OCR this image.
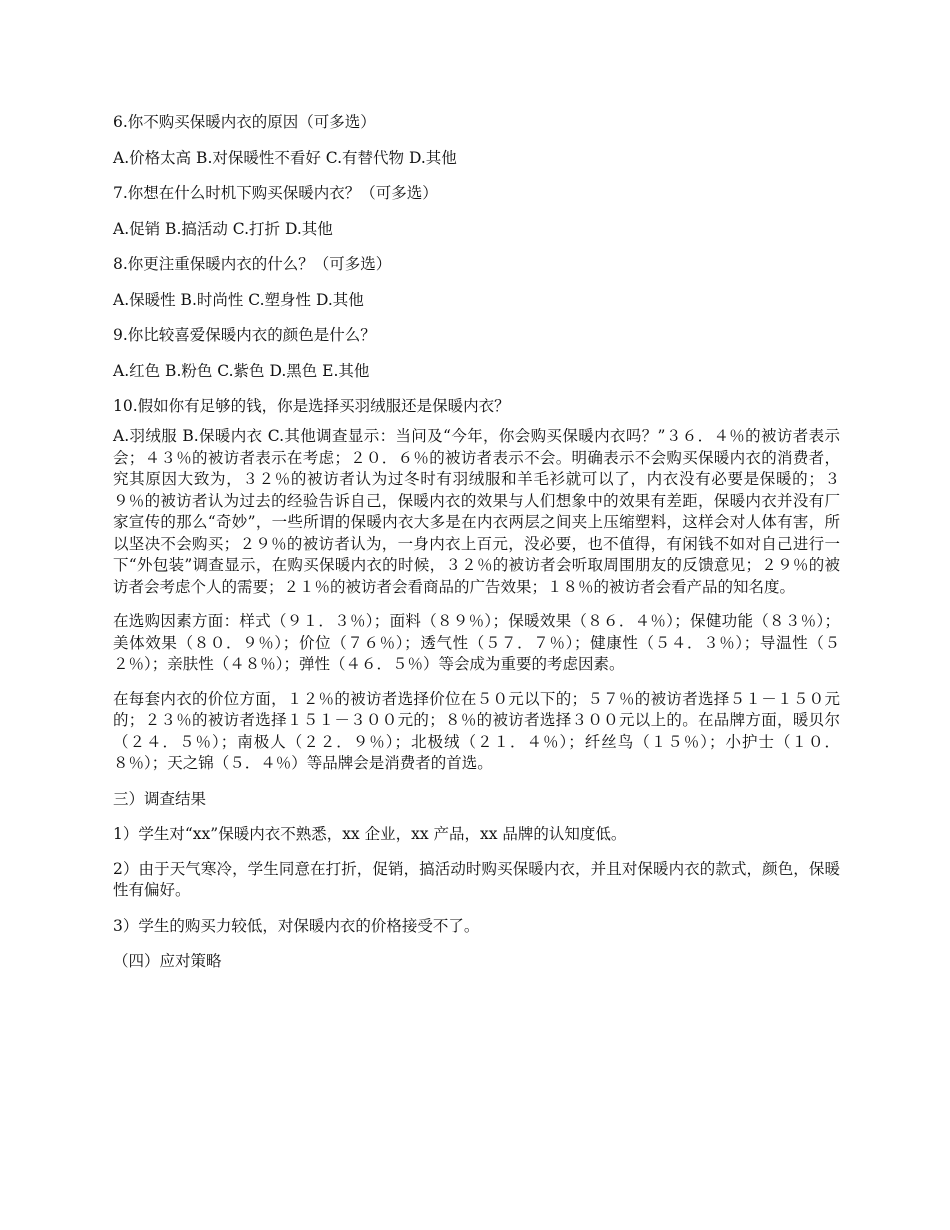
6.你不购买保暖内衣的原因（可多选）

A.价格太高 B.对保暖性不看好 C.有替代物 D.其他

7.你想在什么时机下购买保暖内衣？（可多选）

A.促销 B.搞活动 C.打折 D.其他

8.你更注重保暖内衣的什么？（可多选）

A.保暖性 B.时尚性 C.塑身性 D.其他

9.你比较喜爱保暖内衣的颜色是什么？

A.红色 B.粉色 C.紫色 D.黑色 E.其他

10.假如你有足够的钱，你是选择买羽绒服还是保暖内衣？

A.羽绒服 B.保暖内衣 C.其他调查显示：当问及“今年，你会购买保暖内衣吗？”３６．４％的被访者表示会；４３％的被访者表示在考虑；２０．６％的被访者表示不会。明确表示不会购买保暖内衣的消费者，究其原因大致为，３２％的被访者认为过冬时有羽绒服和羊毛衫就可以了，内衣没有必要是保暖的；３９％的被访者认为过去的经验告诉自己，保暖内衣的效果与人们想象中的效果有差距，保暖内衣并没有厂家宣传的那么“奇妙”，一些所谓的保暖内衣大多是在内衣两层之间夹上压缩塑料，这样会对人体有害，所以坚决不会购买；２９％的被访者认为，一身内衣上百元，没必要，也不值得，有闲钱不如对自己进行一下“外包装”调查显示，在购买保暖内衣的时候，３２％的被访者会听取周围朋友的反馈意见；２９％的被访者会考虑个人的需要；２１％的被访者会看商品的广告效果；１８％的被访者会看产品的知名度。

在选购因素方面：样式（９１．３％）；面料（８９％）；保暖效果（８６．４％）；保健功能（８３％）；美体效果（８０．９％）；价位（７６％）；透气性（５７．７％）；健康性（５４．３％）；导温性（５２％）；亲肤性（４８％）；弹性（４６．５％）等会成为重要的考虑因素。

在每套内衣的价位方面，１２％的被访者选择价位在５０元以下的；５７％的被访者选择５１－１５０元的；２３％的被访者选择１５１－３００元的；８％的被访者选择３００元以上的。在品牌方面，暖贝尔（２４．５％）；南极人（２２．９％）；北极绒（２１．４％）；纤丝鸟（１５％）；小护士（１０．８％）；天之锦（５．４％）等品牌会是消费者的首选。

三）调查结果

1）学生对“xx”保暖内衣不熟悉，xx 企业，xx 产品，xx 品牌的认知度低。

2）由于天气寒冷，学生同意在打折，促销，搞活动时购买保暖内衣，并且对保暖内衣的款式，颜色，保暖性有偏好。

3）学生的购买力较低，对保暖内衣的价格接受不了。

（四）应对策略
